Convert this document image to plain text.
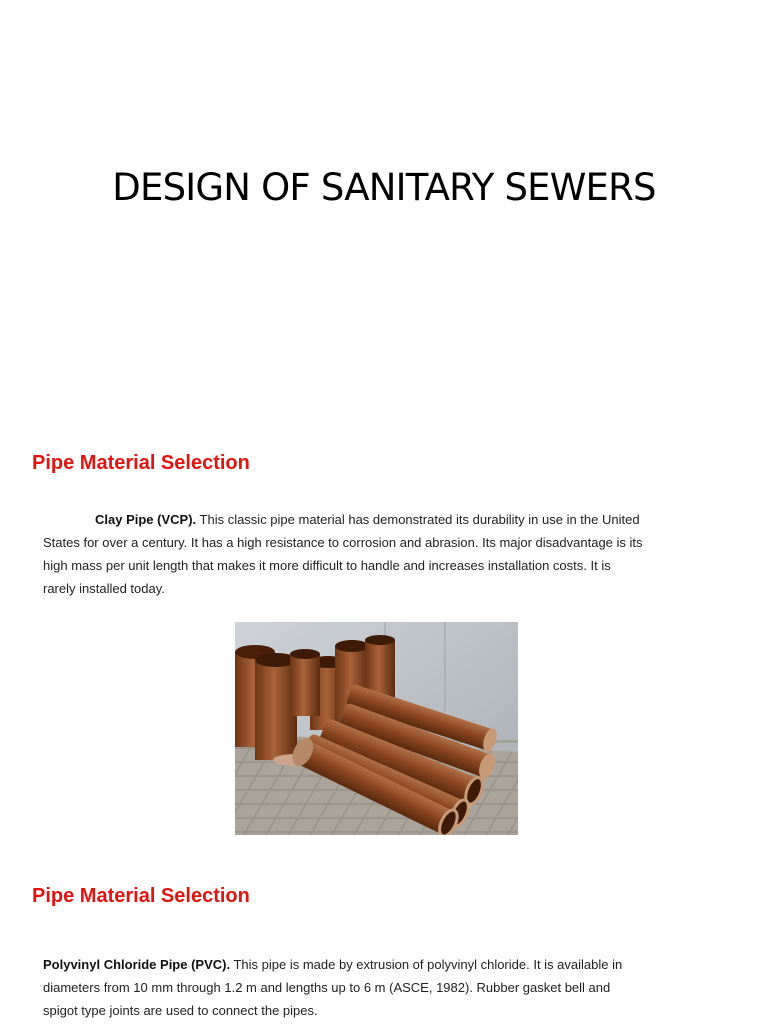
DESIGN OF SANITARY SEWERS
Pipe Material Selection

Clay Pipe (VCP). This classic pipe material has demonstrated its durability in use in the United States for over a century. It has a high resistance to corrosion and abrasion. Its major disadvantage is its high mass per unit length that makes it more difficult to handle and increases installation costs. It is rarely installed today.

Pipe Material Selection

Polyvinyl Chloride Pipe (PVC). This pipe is made by extrusion of polyvinyl chloride. It is available in diameters from 10 mm through 1.2 m and lengths up to 6 m (ASCE, 1982). Rubber gasket bell and spigot type joints are used to connect the pipes.
